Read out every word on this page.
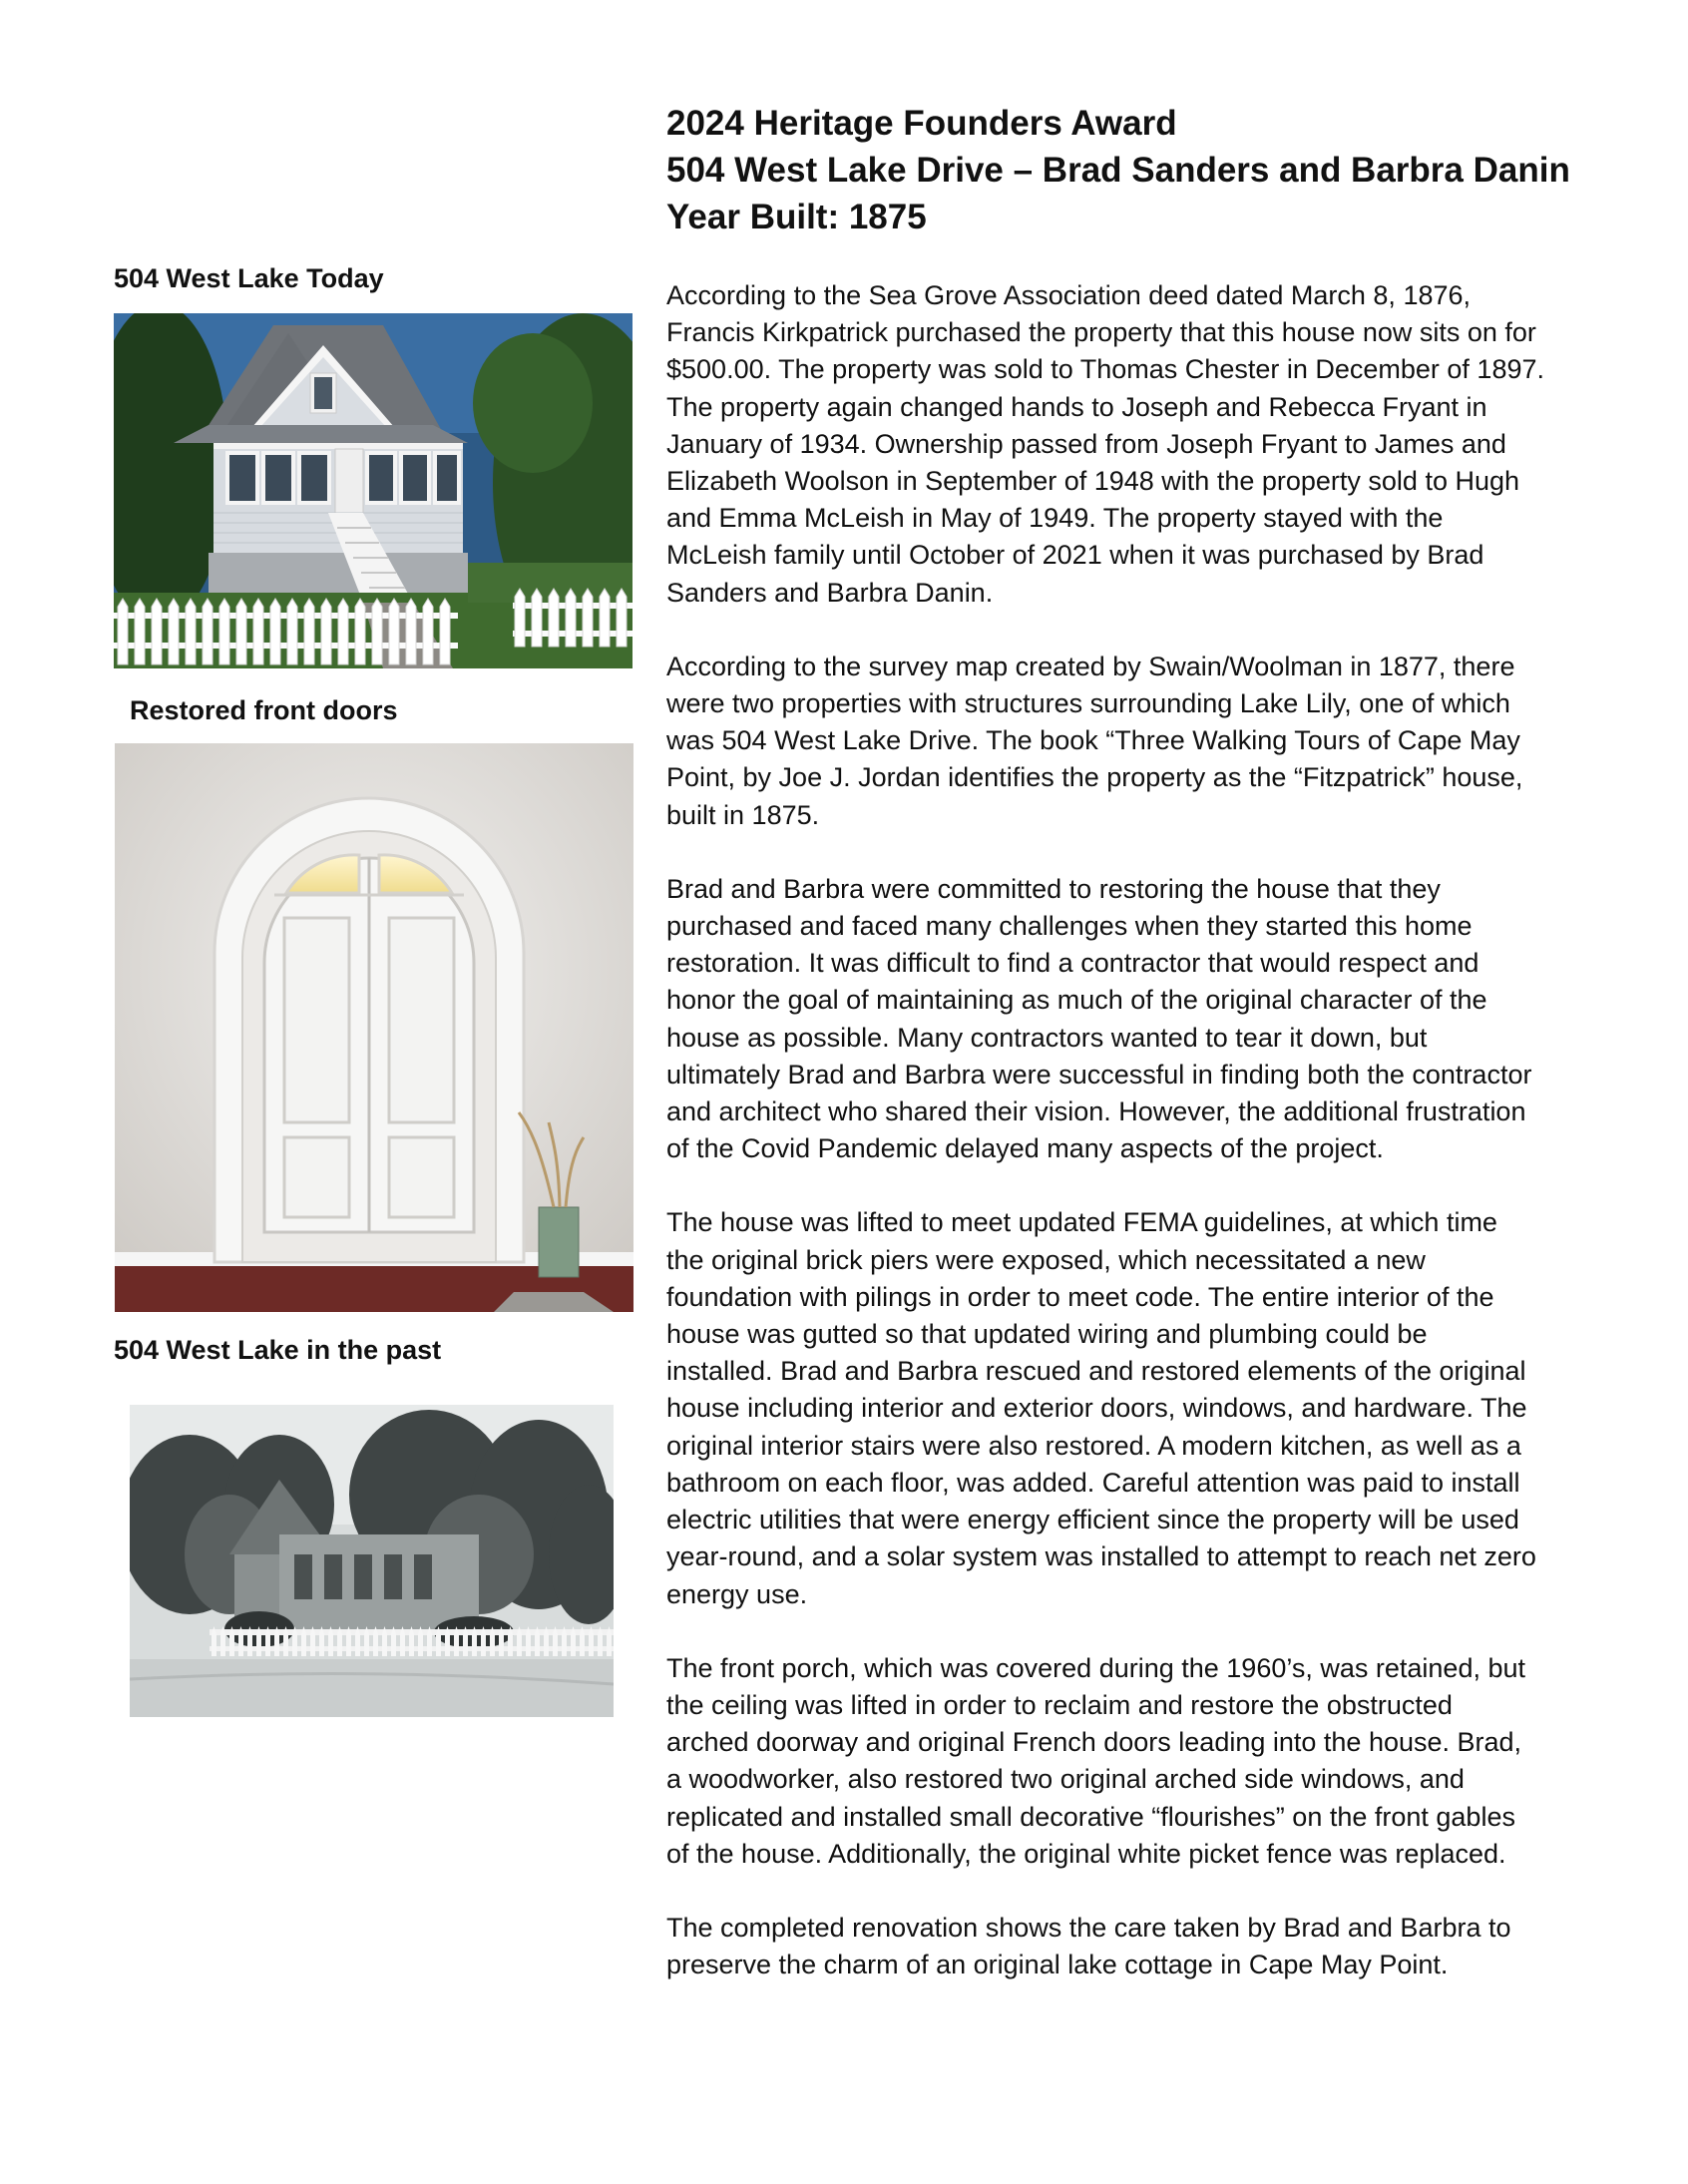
2024 Heritage Founders Award
504 West Lake Drive – Brad Sanders and Barbra Danin
Year Built: 1875
504 West Lake Today
Restored front doors
504 West Lake in the past
According to the Sea Grove Association deed dated March 8, 1876,
Francis Kirkpatrick purchased the property that this house now sits on for
$500.00. The property was sold to Thomas Chester in December of 1897.
The property again changed hands to Joseph and Rebecca Fryant in
January of 1934. Ownership passed from Joseph Fryant to James and
Elizabeth Woolson in September of 1948 with the property sold to Hugh
and Emma McLeish in May of 1949. The property stayed with the
McLeish family until October of 2021 when it was purchased by Brad
Sanders and Barbra Danin.
According to the survey map created by Swain/Woolman in 1877, there
were two properties with structures surrounding Lake Lily, one of which
was 504 West Lake Drive. The book “Three Walking Tours of Cape May
Point, by Joe J. Jordan identifies the property as the “Fitzpatrick” house,
built in 1875.
Brad and Barbra were committed to restoring the house that they
purchased and faced many challenges when they started this home
restoration. It was difficult to find a contractor that would respect and
honor the goal of maintaining as much of the original character of the
house as possible. Many contractors wanted to tear it down, but
ultimately Brad and Barbra were successful in finding both the contractor
and architect who shared their vision. However, the additional frustration
of the Covid Pandemic delayed many aspects of the project.
The house was lifted to meet updated FEMA guidelines, at which time
the original brick piers were exposed, which necessitated a new
foundation with pilings in order to meet code. The entire interior of the
house was gutted so that updated wiring and plumbing could be
installed. Brad and Barbra rescued and restored elements of the original
house including interior and exterior doors, windows, and hardware. The
original interior stairs were also restored. A modern kitchen, as well as a
bathroom on each floor, was added. Careful attention was paid to install
electric utilities that were energy efficient since the property will be used
year-round, and a solar system was installed to attempt to reach net zero
energy use.
The front porch, which was covered during the 1960’s, was retained, but
the ceiling was lifted in order to reclaim and restore the obstructed
arched doorway and original French doors leading into the house. Brad,
a woodworker, also restored two original arched side windows, and
replicated and installed small decorative “flourishes” on the front gables
of the house. Additionally, the original white picket fence was replaced.
The completed renovation shows the care taken by Brad and Barbra to
preserve the charm of an original lake cottage in Cape May Point.
